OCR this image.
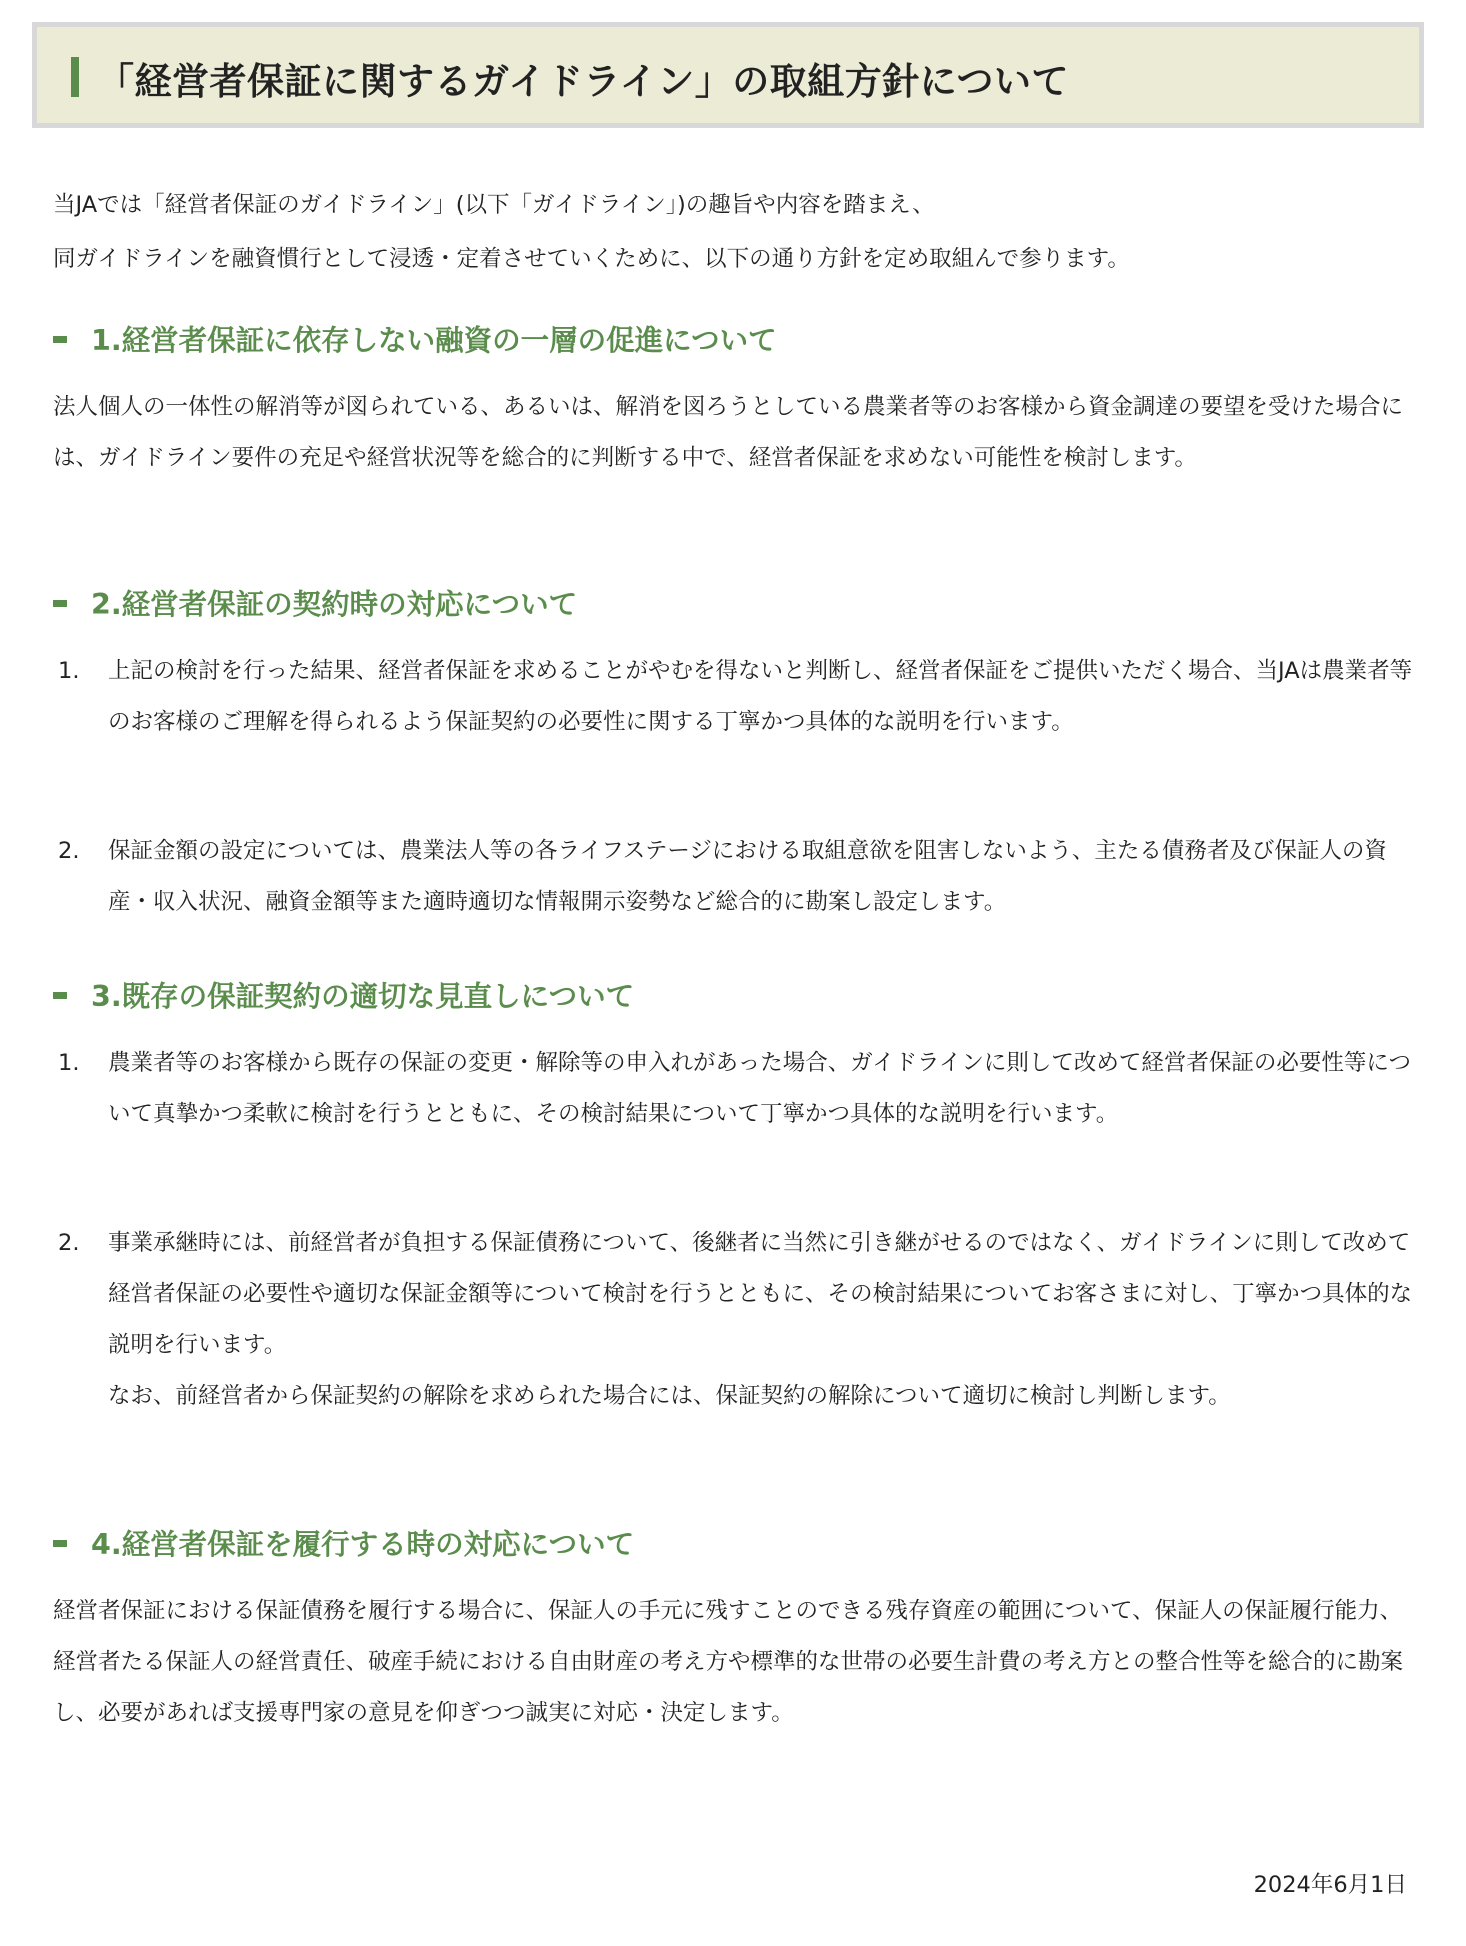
「経営者保証に関するガイドライン」の取組方針について

当JAでは「経営者保証のガイドライン」(以下「ガイドライン」)の趣旨や内容を踏まえ、

同ガイドラインを融資慣行として浸透・定着させていくために、以下の通り方針を定め取組んで参ります。

1.経営者保証に依存しない融資の一層の促進について

法人個人の一体性の解消等が図られている、あるいは、解消を図ろうとしている農業者等のお客様から資金調達の要望を受けた場合には、ガイドライン要件の充足や経営状況等を総合的に判断する中で、経営者保証を求めない可能性を検討します。

2.経営者保証の契約時の対応について
1. 上記の検討を行った結果、経営者保証を求めることがやむを得ないと判断し、経営者保証をご提供いただく場合、当JAは農業者等のお客様のご理解を得られるよう保証契約の必要性に関する丁寧かつ具体的な説明を行います。
2. 保証金額の設定については、農業法人等の各ライフステージにおける取組意欲を阻害しないよう、主たる債務者及び保証人の資産・収入状況、融資金額等また適時適切な情報開示姿勢など総合的に勘案し設定します。
3.既存の保証契約の適切な見直しについて
1. 農業者等のお客様から既存の保証の変更・解除等の申入れがあった場合、ガイドラインに則して改めて経営者保証の必要性等について真摯かつ柔軟に検討を行うとともに、その検討結果について丁寧かつ具体的な説明を行います。
2. 事業承継時には、前経営者が負担する保証債務について、後継者に当然に引き継がせるのではなく、ガイドラインに則して改めて経営者保証の必要性や適切な保証金額等について検討を行うとともに、その検討結果についてお客さまに対し、丁寧かつ具体的な説明を行います。
なお、前経営者から保証契約の解除を求められた場合には、保証契約の解除について適切に検討し判断します。
4.経営者保証を履行する時の対応について

経営者保証における保証債務を履行する場合に、保証人の手元に残すことのできる残存資産の範囲について、保証人の保証履行能力、経営者たる保証人の経営責任、破産手続における自由財産の考え方や標準的な世帯の必要生計費の考え方との整合性等を総合的に勘案し、必要があれば支援専門家の意見を仰ぎつつ誠実に対応・決定します。

2024年6月1日
